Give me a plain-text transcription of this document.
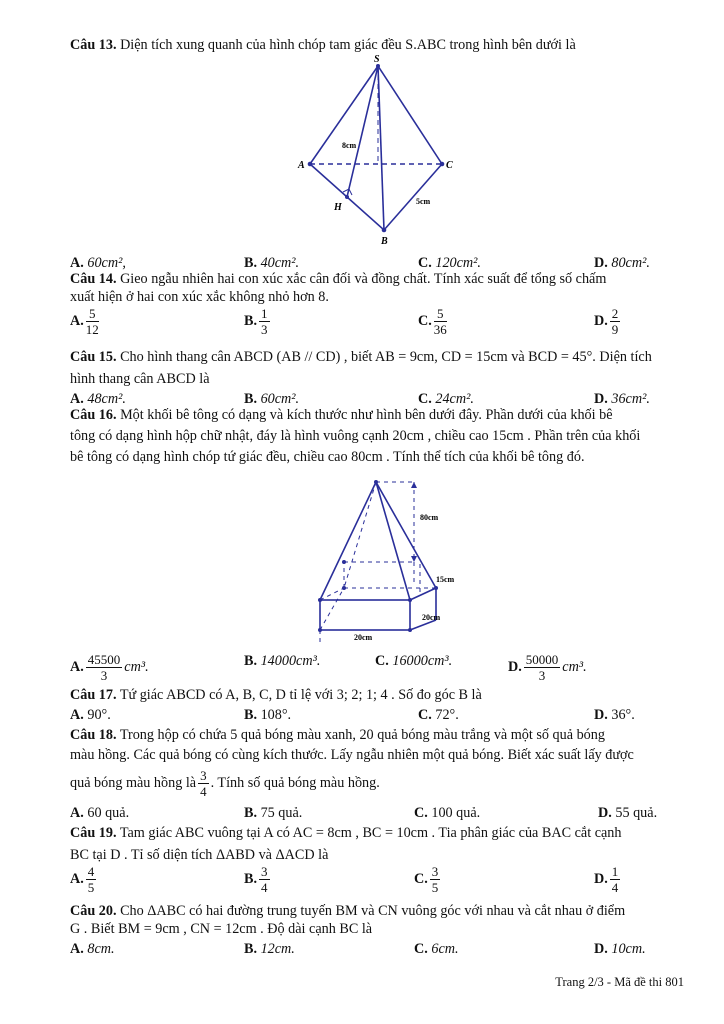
Câu 13. Diện tích xung quanh của hình chóp tam giác đều S.ABC trong hình bên dưới là
S
A	C
B
H
8cm
5cm
A. 60cm²,	B. 40cm².	C. 120cm².	D. 80cm².
Câu 14. Gieo ngẫu nhiên hai con xúc xắc cân đối và đồng chất. Tính xác suất để tổng số chấm
xuất hiện ở hai con xúc xắc không nhỏ hơn 8.
A. $\frac{5}{12}$	B. $\frac{1}{3}$	C. $\frac{5}{36}$	D. $\frac{2}{9}$
Câu 15. Cho hình thang cân ABCD (AB // CD) , biết AB = 9cm, CD = 15cm và BCD = 45°. Diện tích
hình thang cân ABCD là
A. 48cm².	B. 60cm².	C. 24cm².	D. 36cm².
Câu 16. Một khối bê tông có dạng và kích thước như hình bên dưới đây. Phần dưới của khối bê
tông có dạng hình hộp chữ nhật, đáy là hình vuông cạnh 20cm , chiều cao 15cm . Phần trên của khối
bê tông có dạng hình chóp tứ giác đều, chiều cao 80cm . Tính thể tích của khối bê tông đó.
80cm
15cm
20cm
20cm
A. $\frac{45500}{3} cm^3$.	B. 14000cm³.	C. 16000cm³.	D. $\frac{50000}{3} cm^3$.
Câu 17. Tứ giác ABCD có A, B, C, D tỉ lệ với 3; 2; 1; 4 . Số đo góc B là
A. 90°.	B. 108°.	C. 72°.	D. 36°.
Câu 18. Trong hộp có chứa 5 quả bóng màu xanh, 20 quả bóng màu trắng và một số quả bóng
màu hồng. Các quả bóng có cùng kích thước. Lấy ngẫu nhiên một quả bóng. Biết xác suất lấy được
quả bóng màu hồng là $\frac{3}{4}$ . Tính số quả bóng màu hồng.
A. 60 quả.	B. 75 quả.	C. 100 quả.	D. 55 quả.
Câu 19. Tam giác ABC vuông tại A có AC = 8cm , BC = 10cm . Tia phân giác của BAC cắt cạnh
BC tại D . Tỉ số diện tích ΔABD và ΔACD là
A. $\frac{4}{5}$	B. $\frac{3}{4}$	C. $\frac{3}{5}$	D. $\frac{1}{4}$
Câu 20. Cho ΔABC có hai đường trung tuyến BM và CN vuông góc với nhau và cắt nhau ở điểm
G . Biết BM = 9cm , CN = 12cm . Độ dài cạnh BC là
A. 8cm.	B. 12cm.	C. 6cm.	D. 10cm.
Trang 2/3 - Mã đề thi 801
